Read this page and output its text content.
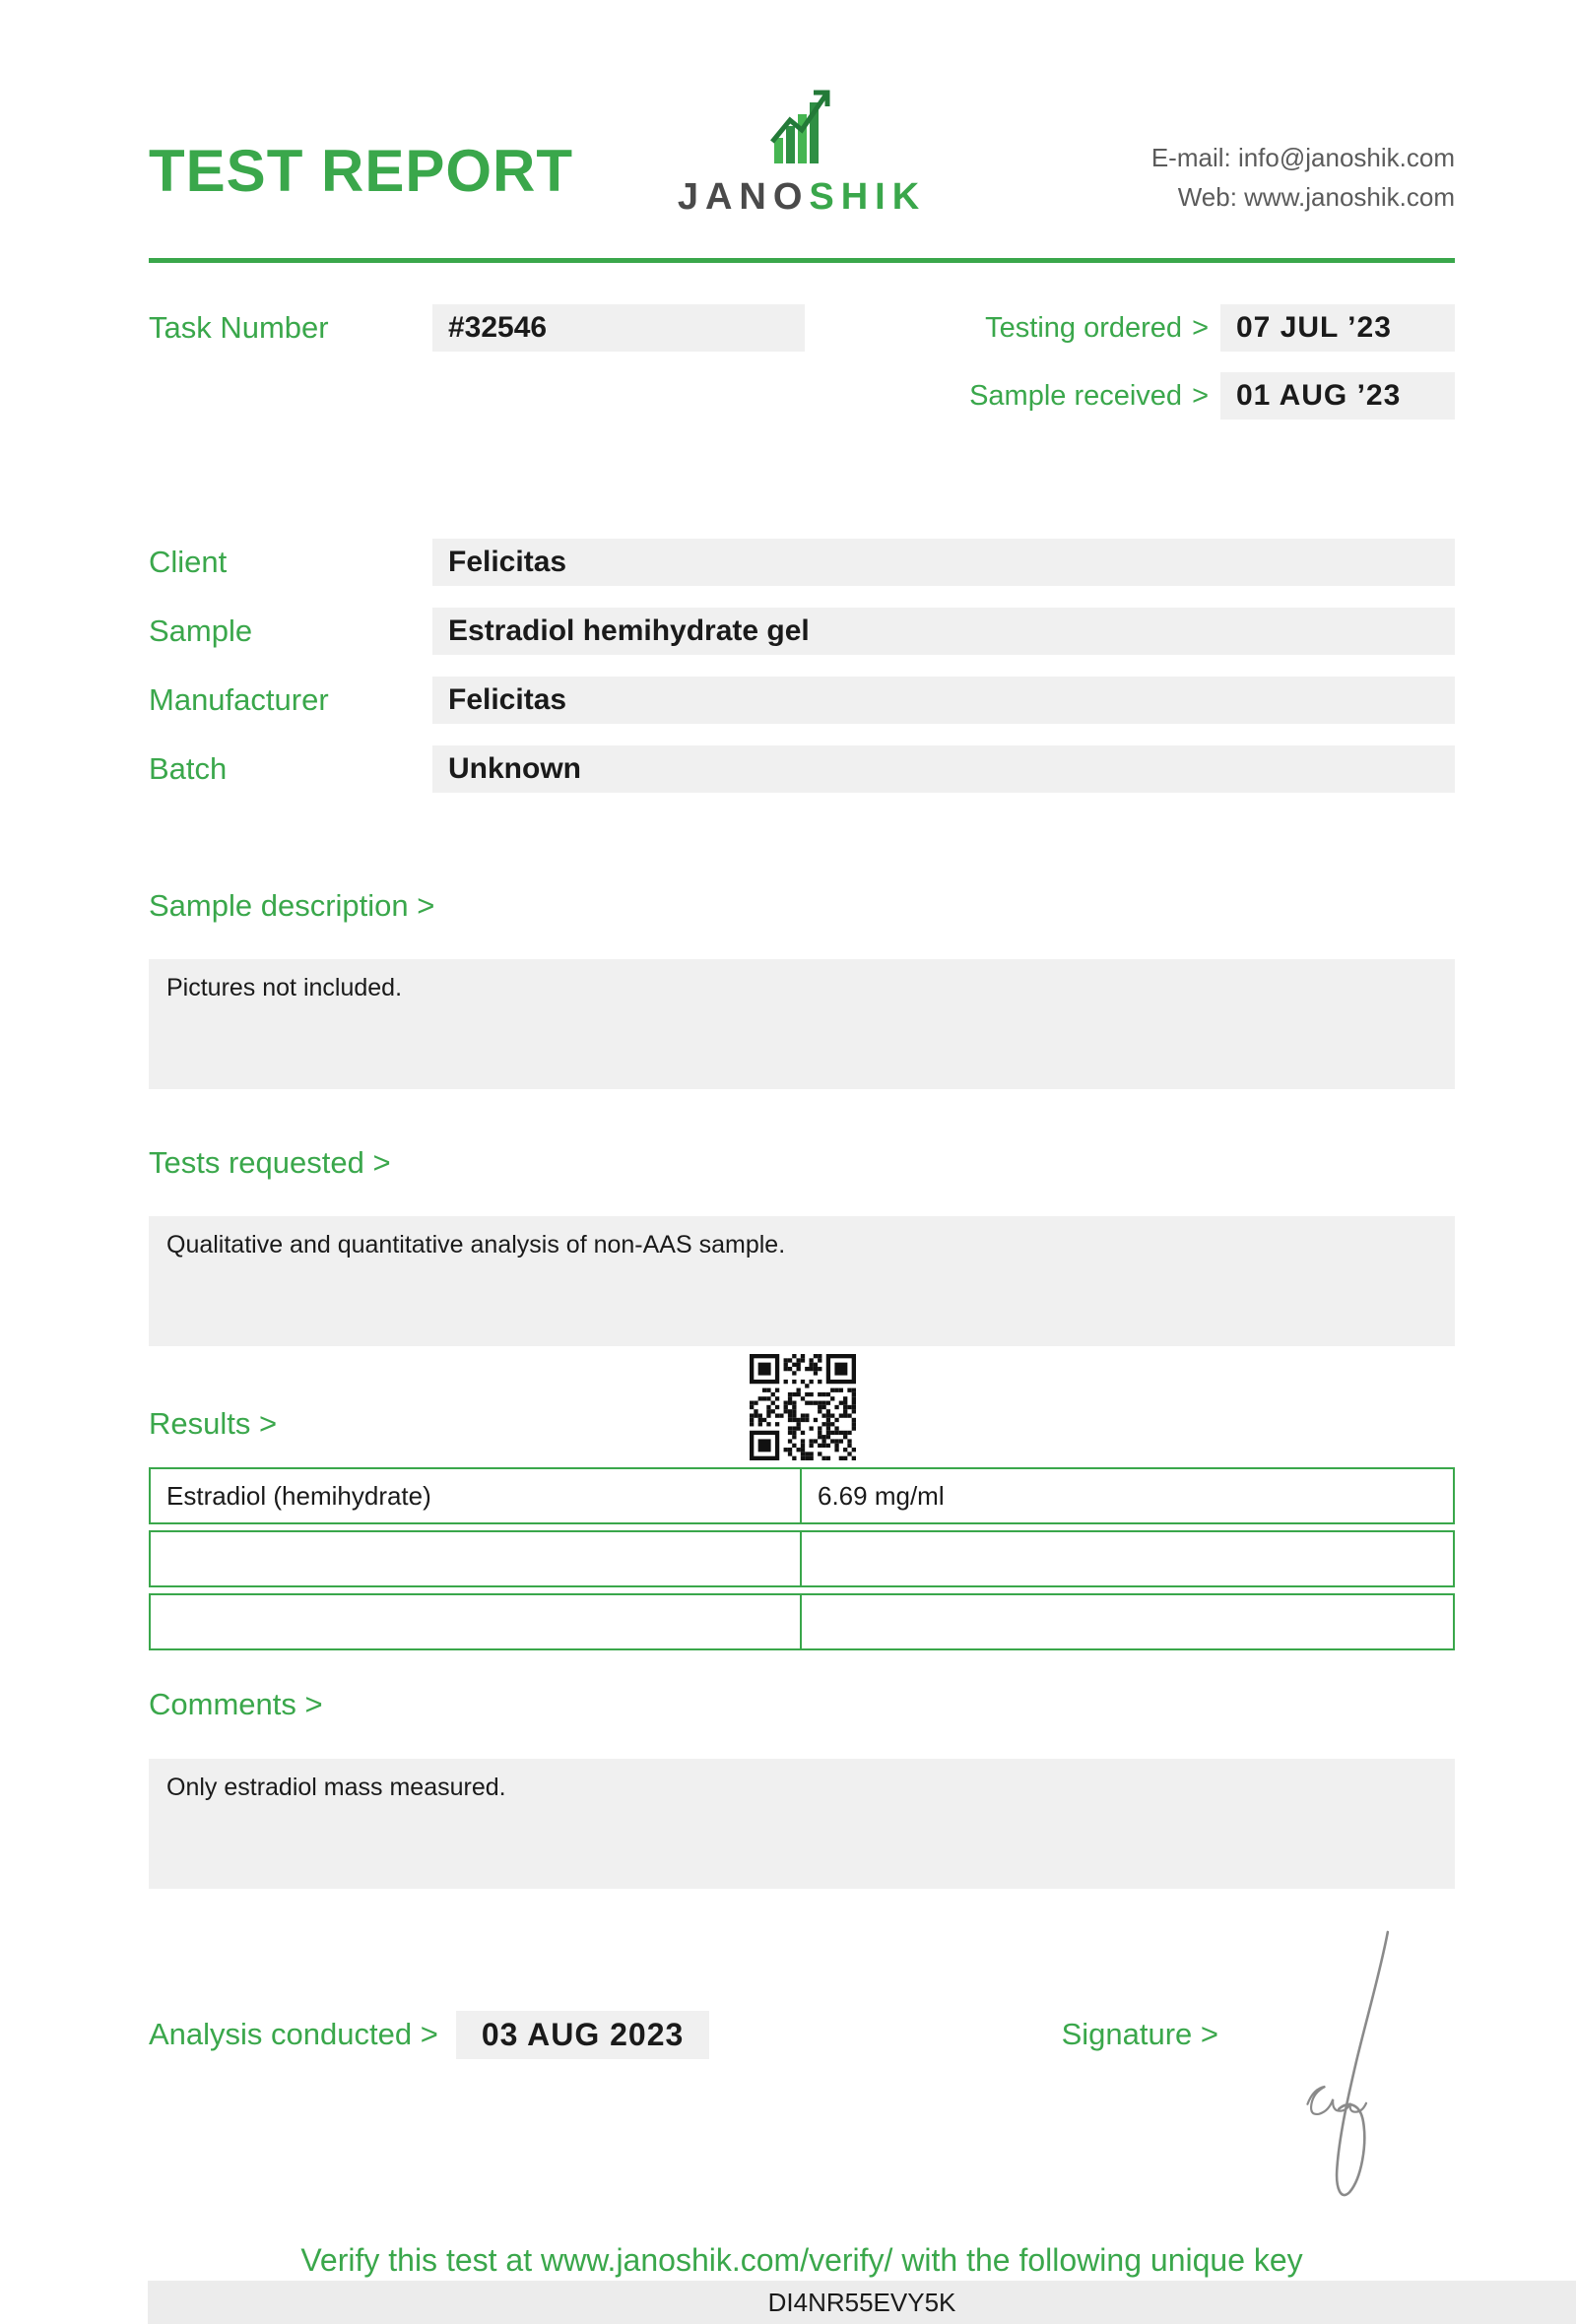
TEST REPORT	JANOSHIK
E-mail: info@janoshik.com
Web: www.janoshik.com
Task Number	#32546	Testing ordered > 07 JUL ’23
Sample received > 01 AUG ’23
Client	Felicitas
Sample	Estradiol hemihydrate gel
Manufacturer	Felicitas
Batch	Unknown
Sample description >
Pictures not included.
Tests requested >
Qualitative and quantitative analysis of non-AAS sample.
Results >
Estradiol (hemihydrate)	6.69 mg/ml
Comments >
Only estradiol mass measured.
Analysis conducted >	03 AUG 2023	Signature >
Verify this test at www.janoshik.com/verify/ with the following unique key
DI4NR55EVY5K
